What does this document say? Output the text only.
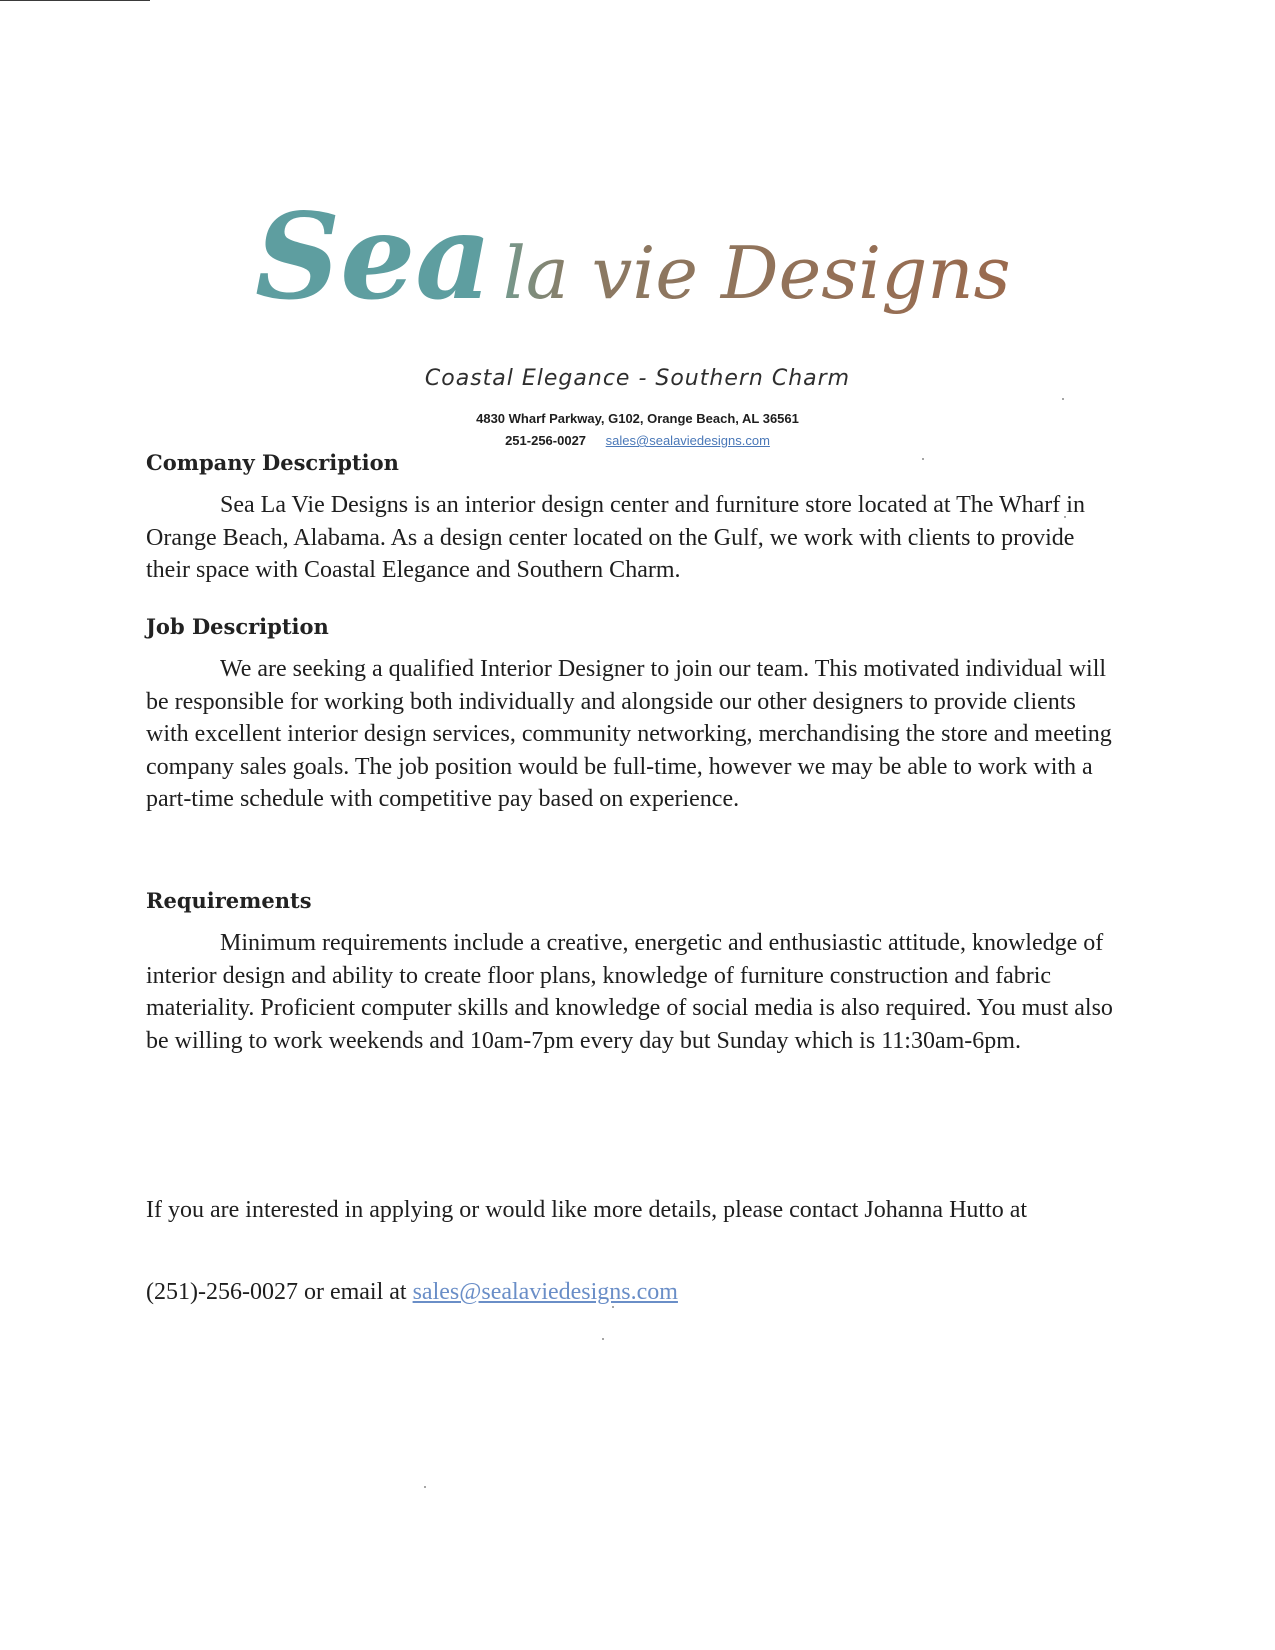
Sea la vie Designs
Coastal Elegance - Southern Charm
4830 Wharf Parkway, G102, Orange Beach, AL 36561
251-256-0027 sales@sealaviedesigns.com
Company Description

Sea La Vie Designs is an interior design center and furniture store located at The Wharf in Orange Beach, Alabama. As a design center located on the Gulf, we work with clients to provide their space with Coastal Elegance and Southern Charm.

Job Description

We are seeking a qualified Interior Designer to join our team. This motivated individual will be responsible for working both individually and alongside our other designers to provide clients with excellent interior design services, community networking, merchandising the store and meeting company sales goals. The job position would be full-time, however we may be able to work with a part-time schedule with competitive pay based on experience.

Requirements

Minimum requirements include a creative, energetic and enthusiastic attitude, knowledge of interior design and ability to create floor plans, knowledge of furniture construction and fabric materiality. Proficient computer skills and knowledge of social media is also required. You must also be willing to work weekends and 10am-7pm every day but Sunday which is 11:30am-6pm.

If you are interested in applying or would like more details, please contact Johanna Hutto at

(251)-256-0027 or email at sales@sealaviedesigns.com
